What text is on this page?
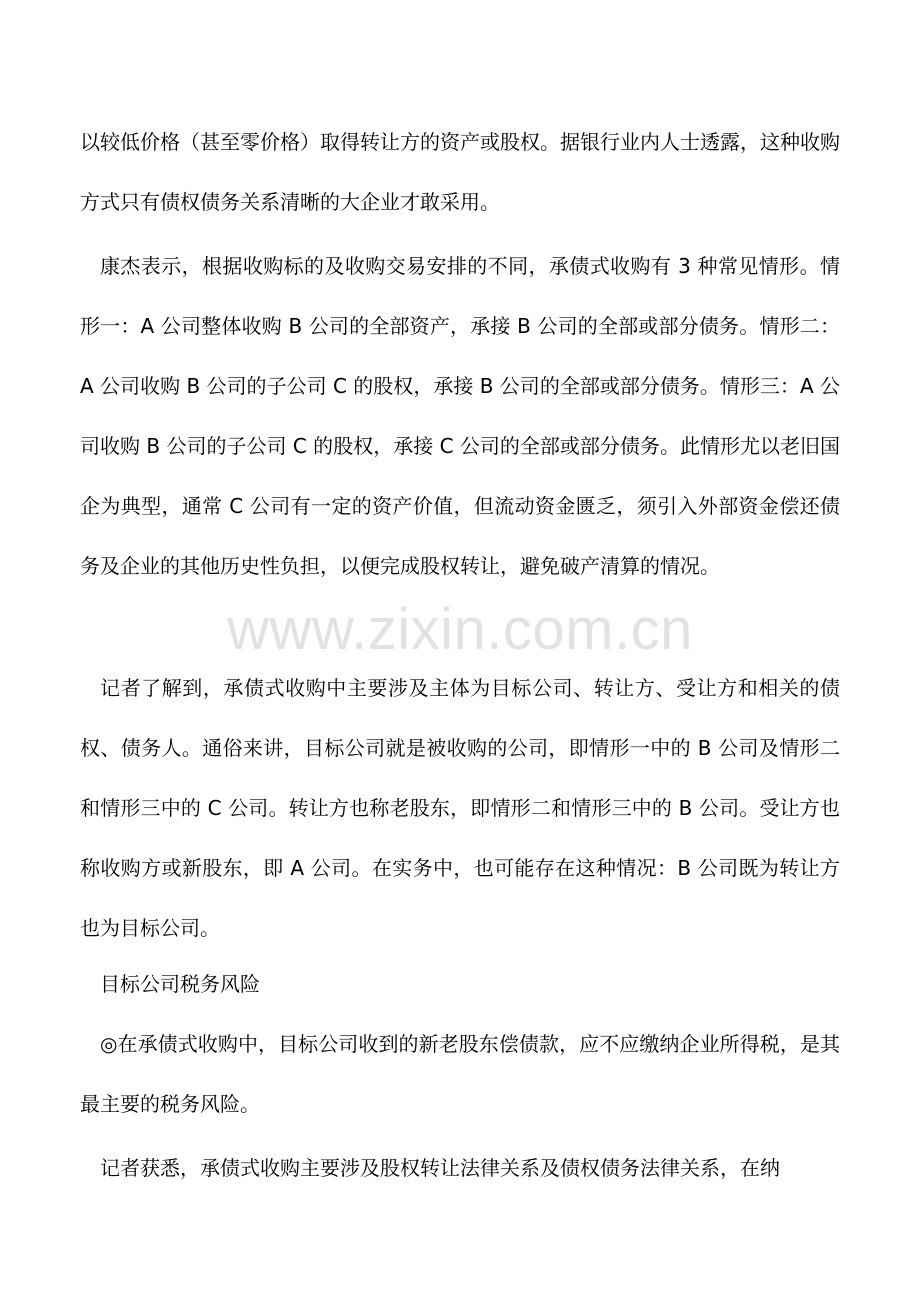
以较低价格（甚至零价格）取得转让方的资产或股权。据银行业内人士透露，这种收购方式只有债权债务关系清晰的大企业才敢采用。

康杰表示，根据收购标的及收购交易安排的不同，承债式收购有 3 种常见情形。情形一：A 公司整体收购 B 公司的全部资产，承接 B 公司的全部或部分债务。情形二：A 公司收购 B 公司的子公司 C 的股权，承接 B 公司的全部或部分债务。情形三：A 公司收购 B 公司的子公司 C 的股权，承接 C 公司的全部或部分债务。此情形尤以老旧国企为典型，通常 C 公司有一定的资产价值，但流动资金匮乏，须引入外部资金偿还债务及企业的其他历史性负担，以便完成股权转让，避免破产清算的情况。

记者了解到，承债式收购中主要涉及主体为目标公司、转让方、受让方和相关的债权、债务人。通俗来讲，目标公司就是被收购的公司，即情形一中的 B 公司及情形二和情形三中的 C 公司。转让方也称老股东，即情形二和情形三中的 B 公司。受让方也称收购方或新股东，即 A 公司。在实务中，也可能存在这种情况：B 公司既为转让方也为目标公司。

目标公司税务风险

◎在承债式收购中，目标公司收到的新老股东偿债款，应不应缴纳企业所得税，是其最主要的税务风险。

记者获悉，承债式收购主要涉及股权转让法律关系及债权债务法律关系，在纳

www.zixin.com.cn
